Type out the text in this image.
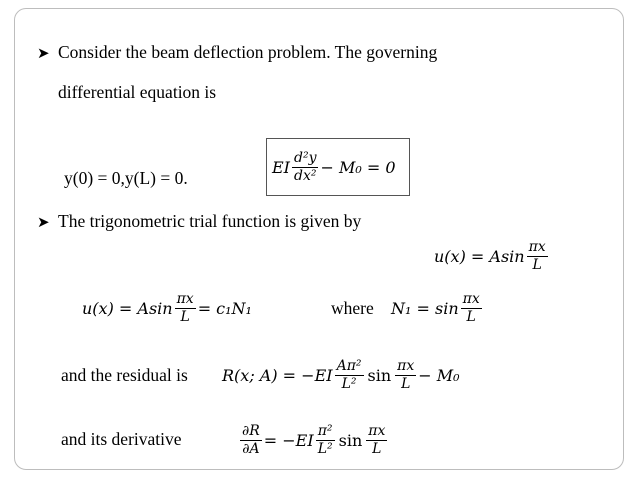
➤ Consider the beam deflection problem. The governing
differential equation is
y(0) = 0,y(L) = 0.
EI $\frac{\text{d²y}}{\text{dx²}} - M_0 = 0$
➤ The trigonometric trial function is given by
u(x) = Asin $\frac{\pi x}{L}$
u(x) = Asin $\frac{\pi x}{L} = c_1N_1$	where $N_1 = \sin \frac{\pi x}{L}$
and the residual is R(x; $A) = -EI \frac{\text{Aπ²}}{\text{L²}}$ $\sin \frac{\pi x}{L} - M_0$
and its derivative	$\frac{\partial R}{\partial A} = -EI \frac{\text{π²}}{\text{L²}}$ $\sin \frac{\pi x}{L}$
